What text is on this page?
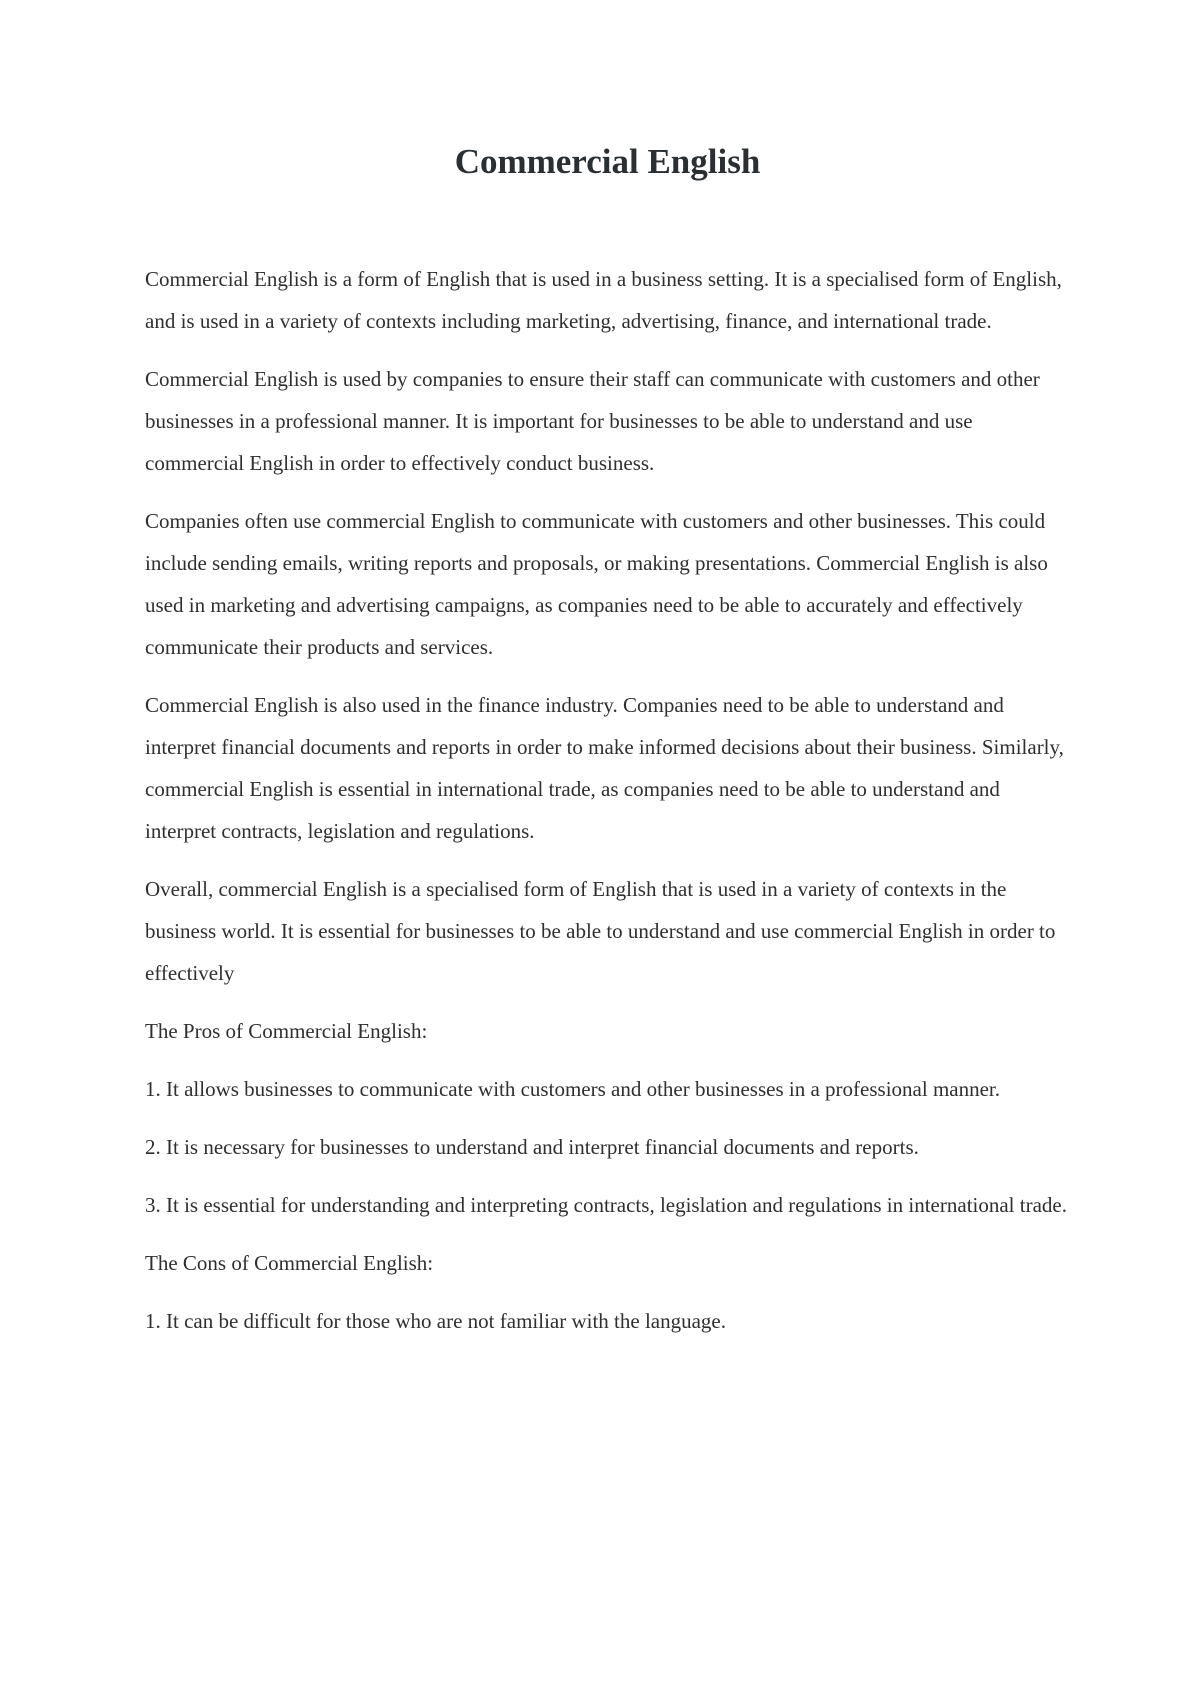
Commercial English

Commercial English is a form of English that is used in a business setting. It is a specialised form of English, and is used in a variety of contexts including marketing, advertising, finance, and international trade.

Commercial English is used by companies to ensure their staff can communicate with customers and other businesses in a professional manner. It is important for businesses to be able to understand and use commercial English in order to effectively conduct business.

Companies often use commercial English to communicate with customers and other businesses. This could include sending emails, writing reports and proposals, or making presentations. Commercial English is also used in marketing and advertising campaigns, as companies need to be able to accurately and effectively communicate their products and services.

Commercial English is also used in the finance industry. Companies need to be able to understand and interpret financial documents and reports in order to make informed decisions about their business. Similarly, commercial English is essential in international trade, as companies need to be able to understand and interpret contracts, legislation and regulations.

Overall, commercial English is a specialised form of English that is used in a variety of contexts in the business world. It is essential for businesses to be able to understand and use commercial English in order to effectively

The Pros of Commercial English:

1. It allows businesses to communicate with customers and other businesses in a professional manner.

2. It is necessary for businesses to understand and interpret financial documents and reports.

3. It is essential for understanding and interpreting contracts, legislation and regulations in international trade.

The Cons of Commercial English:

1. It can be difficult for those who are not familiar with the language.
